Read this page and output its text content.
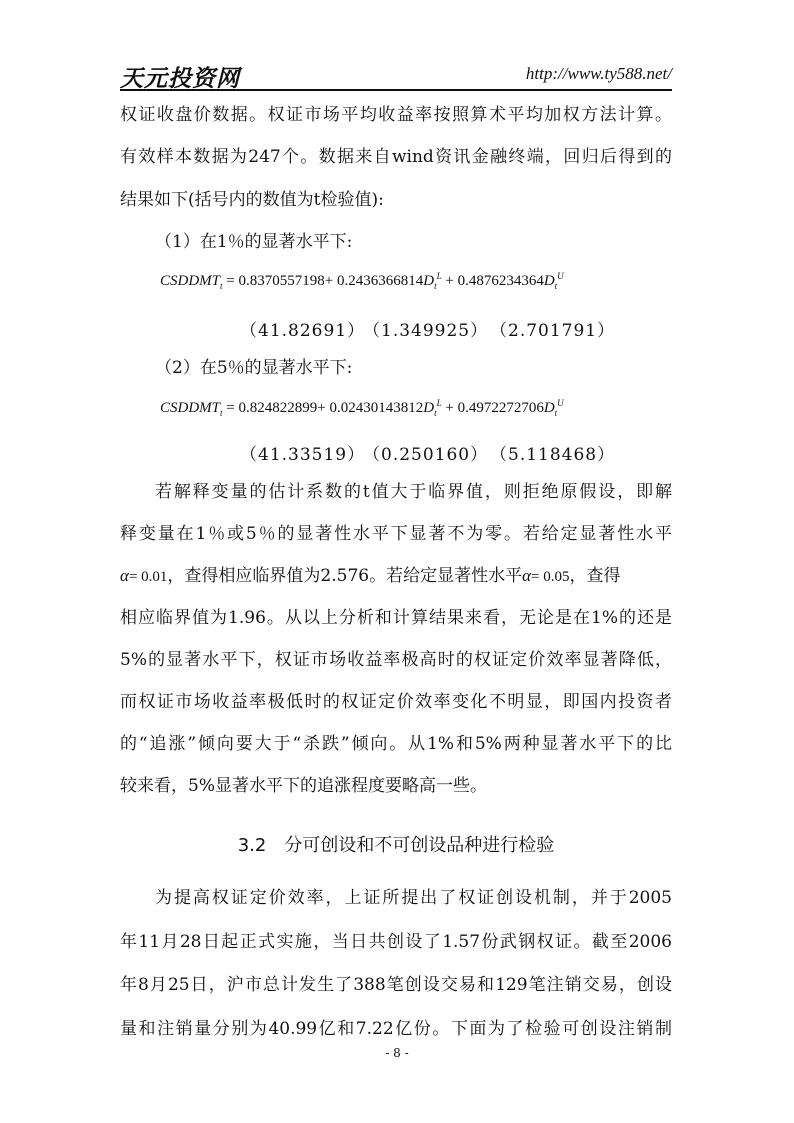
天元投资网	http://www.ty588.net/
权证收盘价数据。权证市场平均收益率按照算术平均加权方法计算。
有效样本数据为247个。数据来自wind资讯金融终端，回归后得到的
结果如下(括号内的数值为t检验值):
（1）在1％的显著水平下:
$CSDDMT_t = 0.8370557198+ 0.2436366814D_t^L + 0.4876234364D_t^U$
（41.82691）
（1.349925） （2.701791）
（2）在5％的显著水平下:
$CSDDMT_t = 0.824822899+ 0.02430143812D_t^L + 0.4972272706D_t^U$
（41.33519）
（0.250160） （5.118468）
若解释变量的估计系数的t值大于临界值，则拒绝原假设，即解
释变量在1％或5％的显著性水平下显著不为零。若给定显著性水平
α= 0.01，查得相应临界值为2.576。若给定显著性水平α= 0.05，查得
相应临界值为1.96。从以上分析和计算结果来看，无论是在1%的还是
5%的显著水平下，权证市场收益率极高时的权证定价效率显著降低，
而权证市场收益率极低时的权证定价效率变化不明显，即国内投资者
的“追涨”倾向要大于“杀跌”倾向。从1%和5%两种显著水平下的比
较来看，5%显著水平下的追涨程度要略高一些。
3.2　分可创设和不可创设品种进行检验
为提高权证定价效率，上证所提出了权证创设机制，并于2005
年11月28日起正式实施，当日共创设了1.57份武钢权证。截至2006
年8月25日，沪市总计发生了388笔创设交易和129笔注销交易，创设
量和注销量分别为40.99亿和7.22亿份。下面为了检验可创设注销制
- 8 -
